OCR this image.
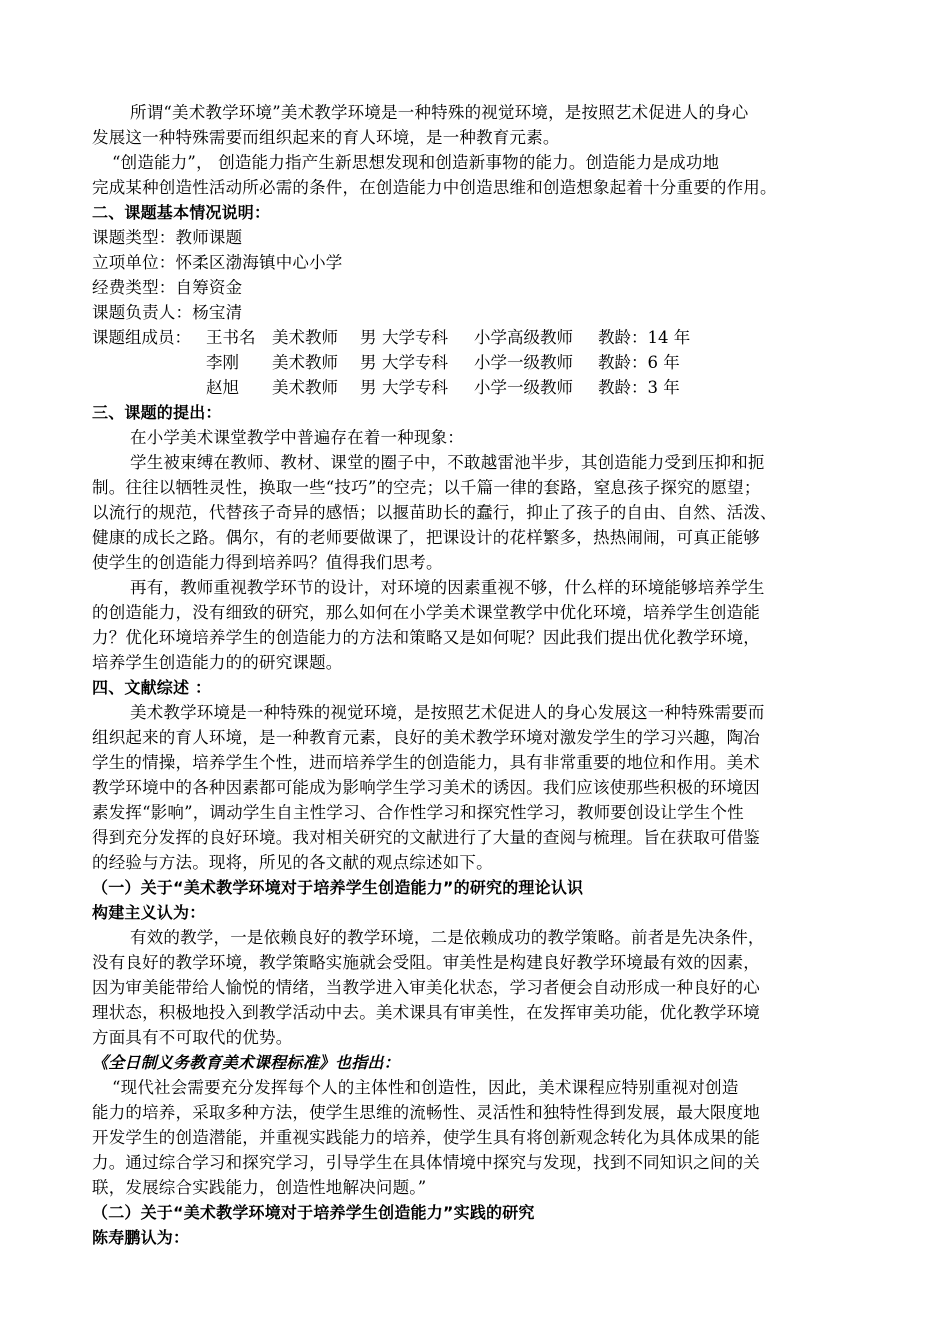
所谓“美术教学环境”美术教学环境是一种特殊的视觉环境，是按照艺术促进人的身心
发展这一种特殊需要而组织起来的育人环境，是一种教育元素。
“创造能力”， 创造能力指产生新思想发现和创造新事物的能力。创造能力是成功地
完成某种创造性活动所必需的条件，在创造能力中创造思维和创造想象起着十分重要的作用。
二、课题基本情况说明：
课题类型：教师课题
立项单位：怀柔区渤海镇中心小学
经费类型：自筹资金
课题负责人：杨宝清
课题组成员： 王书名 美术教师 男 大学专科 小学高级教师 教龄：14 年
李刚 美术教师 男 大学专科 小学一级教师 教龄：6 年
赵旭 美术教师 男 大学专科 小学一级教师 教龄：3 年
三、课题的提出：
在小学美术课堂教学中普遍存在着一种现象：
学生被束缚在教师、教材、课堂的圈子中，不敢越雷池半步，其创造能力受到压抑和扼
制。往往以牺牲灵性，换取一些“技巧”的空壳；以千篇一律的套路，窒息孩子探究的愿望；
以流行的规范，代替孩子奇异的感悟；以揠苗助长的蠢行，抑止了孩子的自由、自然、活泼、
健康的成长之路。偶尔，有的老师要做课了，把课设计的花样繁多，热热闹闹，可真正能够
使学生的创造能力得到培养吗？值得我们思考。
再有，教师重视教学环节的设计，对环境的因素重视不够，什么样的环境能够培养学生
的创造能力，没有细致的研究，那么如何在小学美术课堂教学中优化环境，培养学生创造能
力？优化环境培养学生的创造能力的方法和策略又是如何呢？因此我们提出优化教学环境，
培养学生创造能力的的研究课题。
四、文献综述 ：
美术教学环境是一种特殊的视觉环境，是按照艺术促进人的身心发展这一种特殊需要而
组织起来的育人环境，是一种教育元素，良好的美术教学环境对激发学生的学习兴趣，陶冶
学生的情操，培养学生个性，进而培养学生的创造能力，具有非常重要的地位和作用。美术
教学环境中的各种因素都可能成为影响学生学习美术的诱因。我们应该使那些积极的环境因
素发挥“影响”，调动学生自主性学习、合作性学习和探究性学习，教师要创设让学生个性
得到充分发挥的良好环境。我对相关研究的文献进行了大量的查阅与梳理。旨在获取可借鉴
的经验与方法。现将，所见的各文献的观点综述如下。
（一）关于“美术教学环境对于培养学生创造能力”的研究的理论认识
构建主义认为：
有效的教学，一是依赖良好的教学环境，二是依赖成功的教学策略。前者是先决条件，
没有良好的教学环境，教学策略实施就会受阻。审美性是构建良好教学环境最有效的因素，
因为审美能带给人愉悦的情绪，当教学进入审美化状态，学习者便会自动形成一种良好的心
理状态，积极地投入到教学活动中去。美术课具有审美性，在发挥审美功能，优化教学环境
方面具有不可取代的优势。
《全日制义务教育美术课程标准》也指出：
“现代社会需要充分发挥每个人的主体性和创造性，因此，美术课程应特别重视对创造
能力的培养，采取多种方法，使学生思维的流畅性、灵活性和独特性得到发展，最大限度地
开发学生的创造潜能，并重视实践能力的培养，使学生具有将创新观念转化为具体成果的能
力。通过综合学习和探究学习，引导学生在具体情境中探究与发现，找到不同知识之间的关
联，发展综合实践能力，创造性地解决问题。”
（二）关于“美术教学环境对于培养学生创造能力”实践的研究
陈寿鹏认为：
